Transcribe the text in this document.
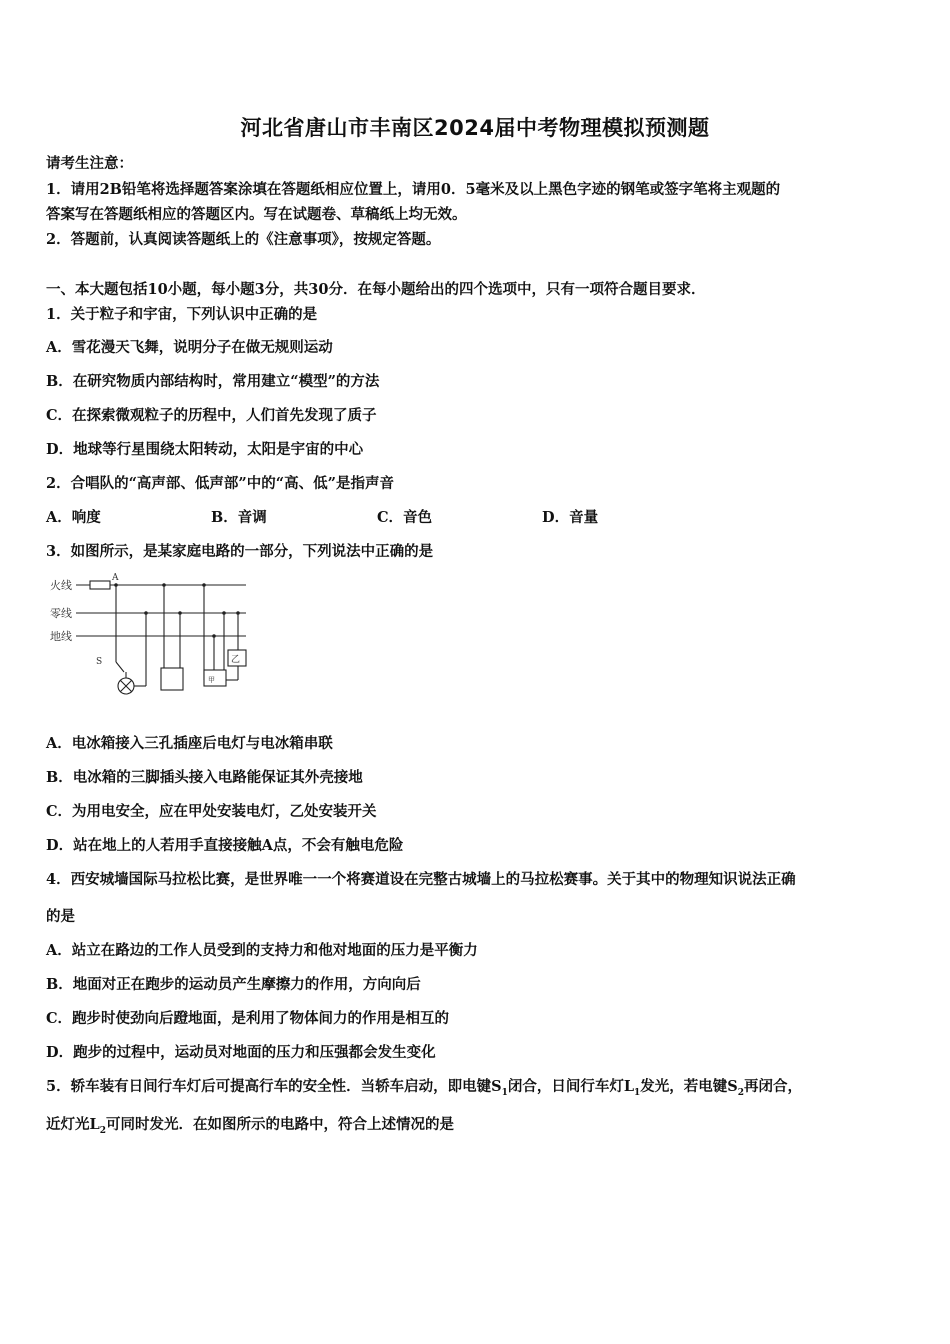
河北省唐山市丰南区2024届中考物理模拟预测题
请考生注意：
1．请用2B铅笔将选择题答案涂填在答题纸相应位置上，请用0．5毫米及以上黑色字迹的钢笔或签字笔将主观题的
答案写在答题纸相应的答题区内。写在试题卷、草稿纸上均无效。
2．答题前，认真阅读答题纸上的《注意事项》，按规定答题。
一、本大题包括10小题，每小题3分，共30分．在每小题给出的四个选项中，只有一项符合题目要求．
1．关于粒子和宇宙，下列认识中正确的是
A．雪花漫天飞舞，说明分子在做无规则运动
B．在研究物质内部结构时，常用建立“模型”的方法
C．在探索微观粒子的历程中，人们首先发现了质子
D．地球等行星围绕太阳转动，太阳是宇宙的中心
2．合唱队的“高声部、低声部”中的“高、低”是指声音
A．响度	B．音调	C．音色	D．音量
3．如图所示，是某家庭电路的一部分，下列说法中正确的是
火线
零线
地线
A
S	乙
甲
A．电冰箱接入三孔插座后电灯与电冰箱串联
B．电冰箱的三脚插头接入电路能保证其外壳接地
C．为用电安全，应在甲处安装电灯，乙处安装开关
D．站在地上的人若用手直接接触A点，不会有触电危险
4．西安城墙国际马拉松比赛，是世界唯一一个将赛道设在完整古城墙上的马拉松赛事。关于其中的物理知识说法正确
的是
A．站立在路边的工作人员受到的支持力和他对地面的压力是平衡力
B．地面对正在跑步的运动员产生摩擦力的作用，方向向后
C．跑步时使劲向后蹬地面，是利用了物体间力的作用是相互的
D．跑步的过程中，运动员对地面的压力和压强都会发生变化
5．轿车装有日间行车灯后可提高行车的安全性．当轿车启动，即电键$S_1$闭合，日间行车灯$L_1$发光，若电键$S_2$再闭合，
近灯光$L_2$可同时发光．在如图所示的电路中，符合上述情况的是
